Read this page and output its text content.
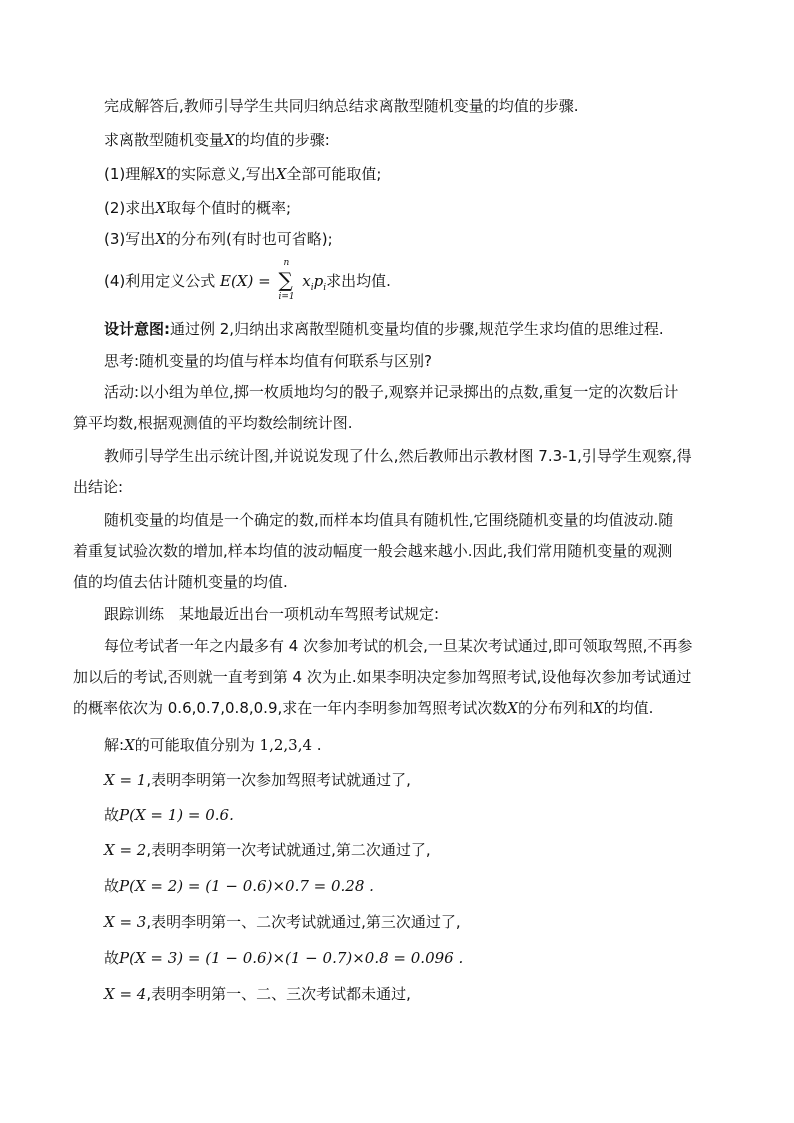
完成解答后,教师引导学生共同归纳总结求离散型随机变量的均值的步骤.
求离散型随机变量X的均值的步骤:
(1)理解X的实际意义,写出X全部可能取值;
(2)求出X取每个值时的概率;
(3)写出X的分布列(有时也可省略);
(4)利用定义公式 E(X) =
n
∑
i=1
$x_ip_i$求出均值.
设计意图:通过例 2,归纳出求离散型随机变量均值的步骤,规范学生求均值的思维过程.
思考:随机变量的均值与样本均值有何联系与区别?
活动:以小组为单位,掷一枚质地均匀的骰子,观察并记录掷出的点数,重复一定的次数后计
算平均数,根据观测值的平均数绘制统计图.
教师引导学生出示统计图,并说说发现了什么,然后教师出示教材图 7.3-1,引导学生观察,得
出结论:
随机变量的均值是一个确定的数,而样本均值具有随机性,它围绕随机变量的均值波动.随
着重复试验次数的增加,样本均值的波动幅度一般会越来越小.因此,我们常用随机变量的观测
值的均值去估计随机变量的均值.
跟踪训练　某地最近出台一项机动车驾照考试规定:
每位考试者一年之内最多有 4 次参加考试的机会,一旦某次考试通过,即可领取驾照,不再参
加以后的考试,否则就一直考到第 4 次为止.如果李明决定参加驾照考试,设他每次参加考试通过
的概率依次为 0.6,0.7,0.8,0.9,求在一年内李明参加驾照考试次数X的分布列和X的均值.
解:X的可能取值分别为 1,2,3,4 .
X = 1,表明李明第一次参加驾照考试就通过了,
故P(X = 1) = 0.6.
X = 2,表明李明第一次考试就通过,第二次通过了,
故P(X = 2) = (1 − 0.6)×0.7 = 0.28 .
X = 3,表明李明第一、二次考试就通过,第三次通过了,
故P(X = 3) = (1 − 0.6)×(1 − 0.7)×0.8 = 0.096 .
X = 4,表明李明第一、二、三次考试都未通过,
